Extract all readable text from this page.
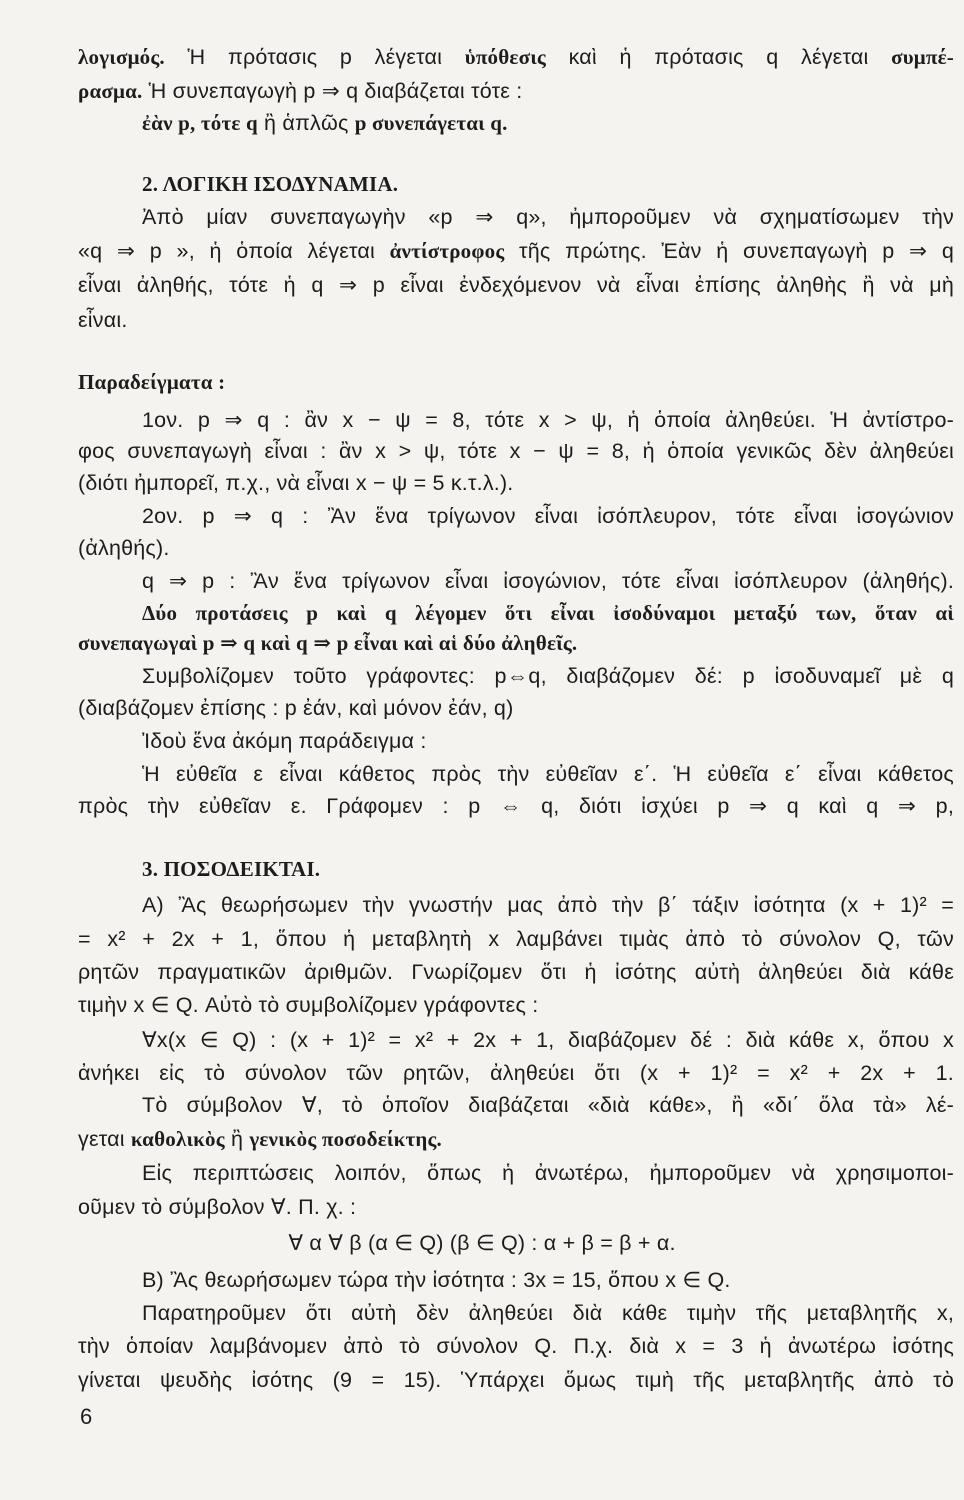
λογισμός. Ἡ πρότασις p λέγεται ὑπόθεσις καὶ ἡ πρότασις q λέγεται συμπέ-
ρασμα. Ἡ συνεπαγωγὴ p ⇒ q διαβάζεται τότε :
ἐὰν p, τότε q ἢ ἁπλῶς p συνεπάγεται q.
2. ΛΟΓΙΚΗ ΙΣΟΔΥΝΑΜΙΑ.
Ἀπὸ μίαν συνεπαγωγὴν «p ⇒ q», ἠμποροῦμεν νὰ σχηματίσωμεν τὴν
«q ⇒ p », ἡ ὁποία λέγεται ἀντίστροφος τῆς πρώτης. Ἐὰν ἡ συνεπαγωγὴ p ⇒ q
εἶναι ἀληθής, τότε ἡ q ⇒ p εἶναι ἐνδεχόμενον νὰ εἶναι ἐπίσης ἀληθὴς ἢ νὰ μὴ
εἶναι.
Παραδείγματα :
1ον. p ⇒ q : ἂν x − ψ = 8, τότε x > ψ, ἡ ὁποία ἀληθεύει. Ἡ ἀντίστρο-
φος συνεπαγωγὴ εἶναι : ἂν x > ψ, τότε x − ψ = 8, ἡ ὁποία γενικῶς δὲν ἀληθεύει
(διότι ἠμπορεῖ, π.χ., νὰ εἶναι x − ψ = 5 κ.τ.λ.).
2ον. p ⇒ q : Ἂν ἕνα τρίγωνον εἶναι ἰσόπλευρον, τότε εἶναι ἰσογώνιον
(ἀληθής).
q ⇒ p : Ἂν ἕνα τρίγωνον εἶναι ἰσογώνιον, τότε εἶναι ἰσόπλευρον (ἀληθής).
Δύο προτάσεις p καὶ q λέγομεν ὅτι εἶναι ἰσοδύναμοι μεταξύ των, ὅταν αἱ
συνεπαγωγαὶ p ⇒ q καὶ q ⇒ p εἶναι καὶ αἱ δύο ἀληθεῖς.
Συμβολίζομεν τοῦτο γράφοντες: p⇔q, διαβάζομεν δέ: p ἰσοδυναμεῖ μὲ q
(διαβάζομεν ἐπίσης : p ἐάν, καὶ μόνον ἐάν, q)
Ἰδοὺ ἕνα ἀκόμη παράδειγμα :
Ἡ εὐθεῖα ε εἶναι κάθετος πρὸς τὴν εὐθεῖαν ε΄. Ἡ εὐθεῖα ε΄ εἶναι κάθετος
πρὸς τὴν εὐθεῖαν ε. Γράφομεν : p ⇔ q, διότι ἰσχύει p ⇒ q καὶ q ⇒ p,
3. ΠΟΣΟΔΕΙΚΤΑΙ.
Α) Ἂς θεωρήσωμεν τὴν γνωστήν μας ἀπὸ τὴν β΄ τάξιν ἰσότητα (x + 1)² =
= x² + 2x + 1, ὅπου ἡ μεταβλητὴ x λαμβάνει τιμὰς ἀπὸ τὸ σύνολον Q, τῶν
ρητῶν πραγματικῶν ἀριθμῶν. Γνωρίζομεν ὅτι ἡ ἰσότης αὐτὴ ἀληθεύει διὰ κάθε
τιμὴν x ∈ Q. Αὐτὸ τὸ συμβολίζομεν γράφοντες :
∀x(x ∈ Q) : (x + 1)² = x² + 2x + 1, διαβάζομεν δέ : διὰ κάθε x, ὅπου x
ἀνήκει εἰς τὸ σύνολον τῶν ρητῶν, ἀληθεύει ὅτι (x + 1)² = x² + 2x + 1.
Τὸ σύμβολον ∀, τὸ ὁποῖον διαβάζεται «διὰ κάθε», ἢ «δι΄ ὅλα τὰ» λέ-
γεται καθολικὸς ἢ γενικὸς ποσοδείκτης.
Εἰς περιπτώσεις λοιπόν, ὅπως ἡ ἀνωτέρω, ἠμποροῦμεν νὰ χρησιμοποι-
οῦμεν τὸ σύμβολον ∀. Π. χ. :
∀ α ∀ β (α ∈ Q) (β ∈ Q) : α + β = β + α.
Β) Ἂς θεωρήσωμεν τώρα τὴν ἰσότητα : 3x = 15, ὅπου x ∈ Q.
Παρατηροῦμεν ὅτι αὐτὴ δὲν ἀληθεύει διὰ κάθε τιμὴν τῆς μεταβλητῆς x,
τὴν ὁποίαν λαμβάνομεν ἀπὸ τὸ σύνολον Q. Π.χ. διὰ x = 3 ἡ ἀνωτέρω ἰσότης
γίνεται ψευδὴς ἰσότης (9 = 15). Ὑπάρχει ὅμως τιμὴ τῆς μεταβλητῆς ἀπὸ τὸ
6
